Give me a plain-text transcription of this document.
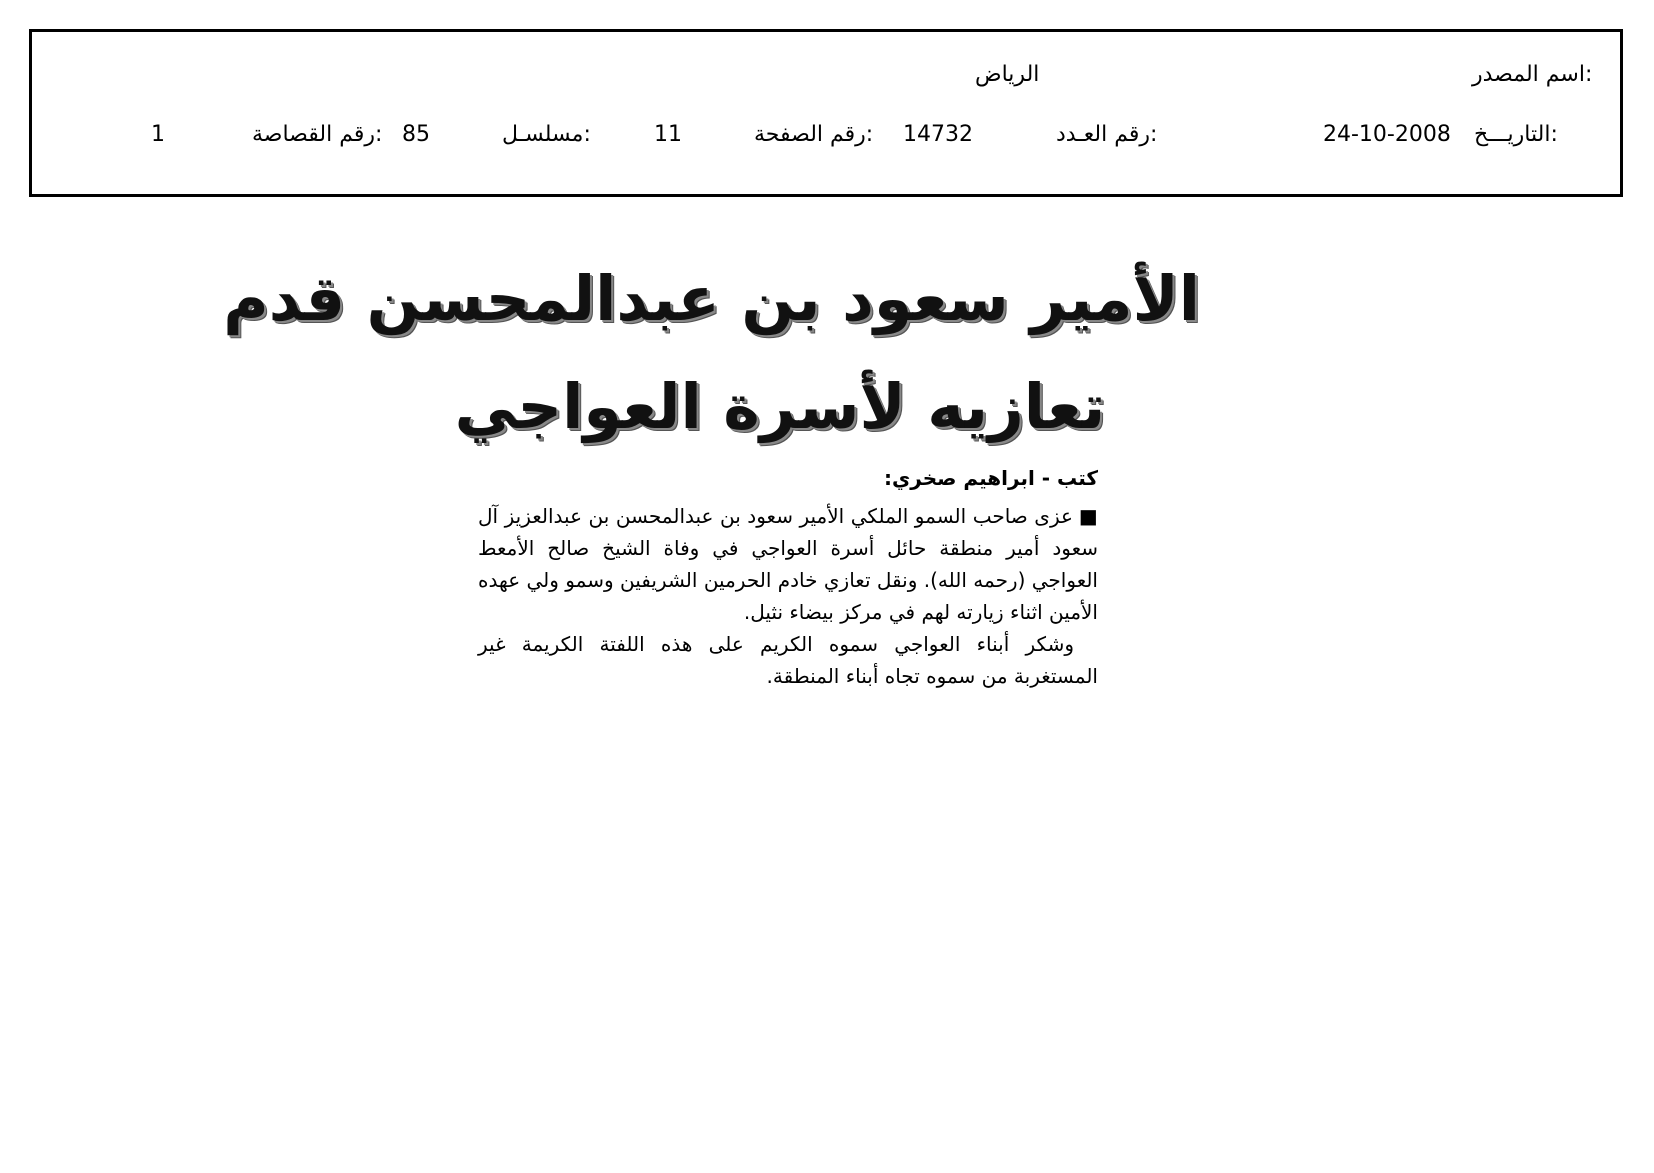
اسم المصدر:
الرياض
التاريـــخ:
24-10-2008
رقم العـدد:
14732
رقم الصفحة:
11
مسلسـل:
85
رقم القصاصة:
1
الأمير سعود بن عبدالمحسن قدم
تعازيه لأسرة العواجي
كتب - ابراهيم صخري:

■عزى صاحب السمو الملكي الأمير سعود بن عبدالمحسن بن عبدالعزيز آل سعود أمير منطقة حائل أسرة العواجي في وفاة الشيخ صالح الأمعط العواجي (رحمه الله). ونقل تعازي خادم الحرمين الشريفين وسمو ولي عهده الأمين اثناء زيارته لهم في مركز بيضاء نثيل.

وشكر أبناء العواجي سموه الكريم على هذه اللفتة الكريمة غير المستغربة من سموه تجاه أبناء المنطقة.
